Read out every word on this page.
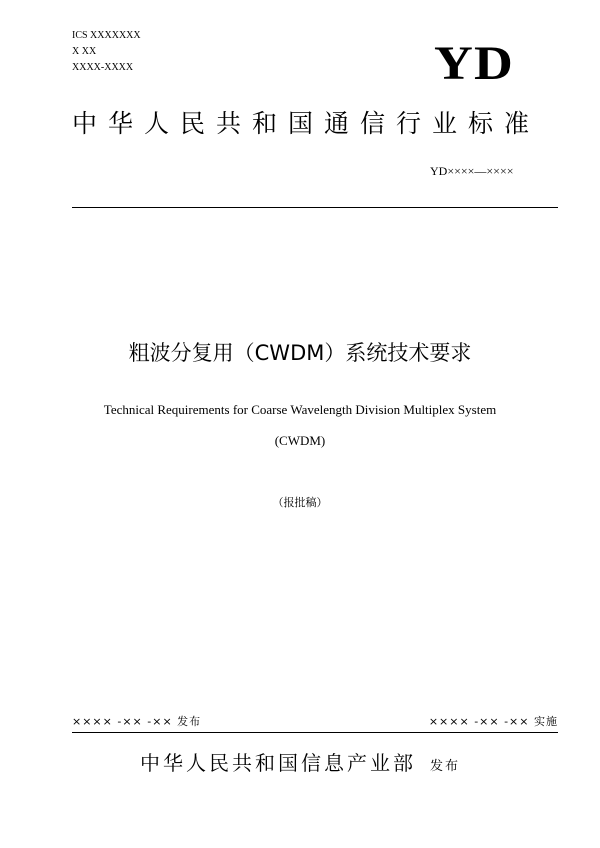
ICS XXXXXXX
X XX
XXXX-XXXX	YD
中华人民共和国通信行业标准
YD××××—××××
粗波分复用（CWDM）系统技术要求
Technical Requirements for Coarse Wavelength Division Multiplex System
(CWDM)
（报批稿）
×××× -×× -×× 发布	×××× -×× -×× 实施
中华人民共和国信息产业部 发布
